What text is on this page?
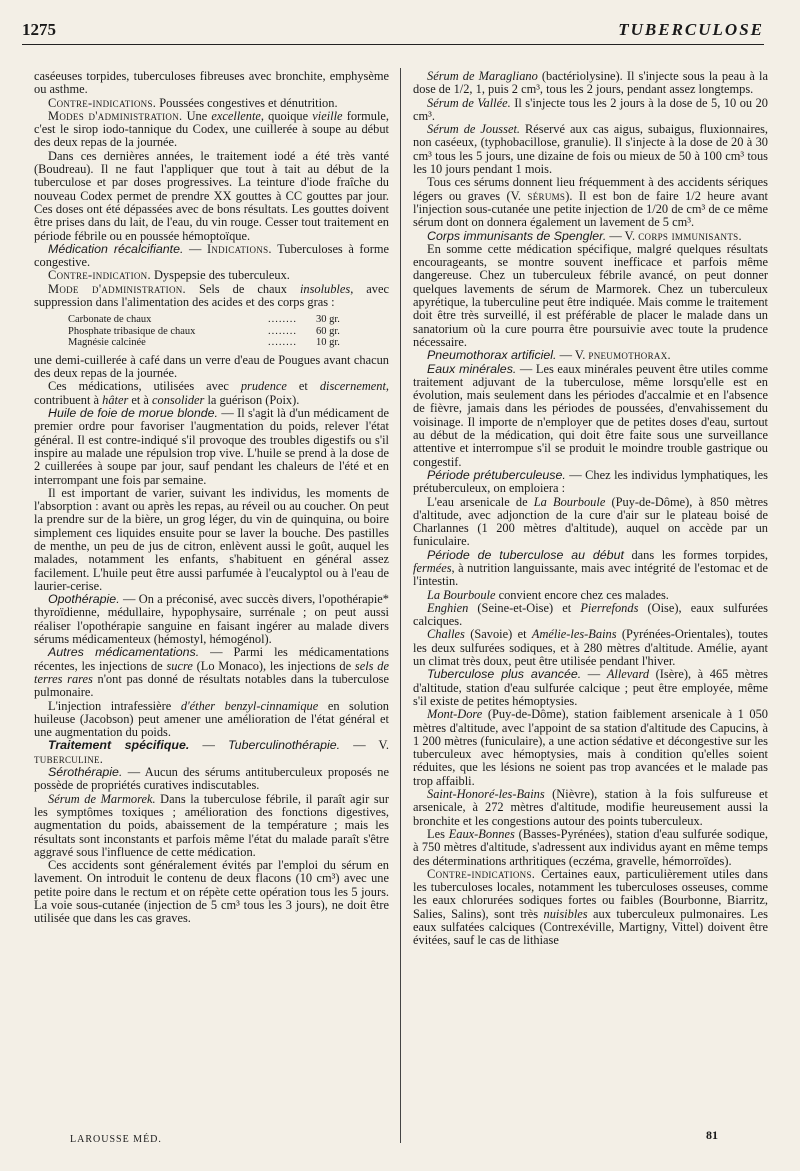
1275	TUBERCULOSE

caséeuses torpides, tuberculoses fibreuses avec bronchite, emphysème ou asthme.

Contre-indications. Poussées congestives et dénutrition.

Modes d'administration. Une excellente, quoique vieille formule, c'est le sirop iodo-tannique du Codex, une cuillerée à soupe au début des deux repas de la journée.

Dans ces dernières années, le traitement iodé a été très vanté (Boudreau). Il ne faut l'appliquer que tout à tait au début de la tuberculose et par doses progressives. La teinture d'iode fraîche du nouveau Codex permet de prendre XX gouttes à CC gouttes par jour. Ces doses ont été dépassées avec de bons résultats. Les gouttes doivent être prises dans du lait, de l'eau, du vin rouge. Cesser tout traitement en période fébrile ou en poussée hémoptoïque.

Médication récalcifiante. — Indications. Tuberculoses à forme congestive.

Contre-indication. Dyspepsie des tuberculeux.

Mode d'administration. Sels de chaux insolubles, avec suppression dans l'alimentation des acides et des corps gras :

Carbonate de chaux	........	30 gr.
Phosphate tribasique de chaux	........	60 gr.
Magnésie calcinée	........	10 gr.

une demi-cuillerée à café dans un verre d'eau de Pougues avant chacun des deux repas de la journée.

Ces médications, utilisées avec prudence et discernement, contribuent à hâter et à consolider la guérison (Poix).

Huile de foie de morue blonde. — Il s'agit là d'un médicament de premier ordre pour favoriser l'augmentation du poids, relever l'état général. Il est contre-indiqué s'il provoque des troubles digestifs ou s'il inspire au malade une répulsion trop vive. L'huile se prend à la dose de 2 cuillerées à soupe par jour, sauf pendant les chaleurs de l'été et en interrompant une fois par semaine.

Il est important de varier, suivant les individus, les moments de l'absorption : avant ou après les repas, au réveil ou au coucher. On peut la prendre sur de la bière, un grog léger, du vin de quinquina, ou boire simplement ces liquides ensuite pour se laver la bouche. Des pastilles de menthe, un peu de jus de citron, enlèvent aussi le goût, auquel les malades, notamment les enfants, s'habituent en général assez facilement. L'huile peut être aussi parfumée à l'eucalyptol ou à l'eau de laurier-cerise.

Opothérapie. — On a préconisé, avec succès divers, l'opothérapie* thyroïdienne, médullaire, hypophysaire, surrénale ; on peut aussi réaliser l'opothérapie sanguine en faisant ingérer au malade divers sérums médicamenteux (hémostyl, hémogénol).

Autres médicamentations. — Parmi les médicamentations récentes, les injections de sucre (Lo Monaco), les injections de sels de terres rares n'ont pas donné de résultats notables dans la tuberculose pulmonaire.

L'injection intrafessière d'éther benzyl-cinnamique en solution huileuse (Jacobson) peut amener une amélioration de l'état général et une augmentation du poids.

Traitement spécifique. — Tuberculinothérapie. — V. tuberculine.

Sérothérapie. — Aucun des sérums antituberculeux proposés ne possède de propriétés curatives indiscutables.

Sérum de Marmorek. Dans la tuberculose fébrile, il paraît agir sur les symptômes toxiques ; amélioration des fonctions digestives, augmentation du poids, abaissement de la température ; mais les résultats sont inconstants et parfois même l'état du malade paraît s'être aggravé sous l'influence de cette médication.

Ces accidents sont généralement évités par l'emploi du sérum en lavement. On introduit le contenu de deux flacons (10 cm³) avec une petite poire dans le rectum et on répète cette opération tous les 5 jours. La voie sous-cutanée (injection de 5 cm³ tous les 3 jours), ne doit être utilisée que dans les cas graves.

Sérum de Maragliano (bactériolysine). Il s'injecte sous la peau à la dose de 1/2, 1, puis 2 cm³, tous les 2 jours, pendant assez longtemps.

Sérum de Vallée. Il s'injecte tous les 2 jours à la dose de 5, 10 ou 20 cm³.

Sérum de Jousset. Réservé aux cas aigus, subaigus, fluxionnaires, non caséeux, (typhobacillose, granulie). Il s'injecte à la dose de 20 à 30 cm³ tous les 5 jours, une dizaine de fois ou mieux de 50 à 100 cm³ tous les 10 jours pendant 1 mois.

Tous ces sérums donnent lieu fréquemment à des accidents sériques légers ou graves (V. sérums). Il est bon de faire 1/2 heure avant l'injection sous-cutanée une petite injection de 1/20 de cm³ de ce même sérum dont on donnera également un lavement de 5 cm³.

Corps immunisants de Spengler. — V. corps immunisants.

En somme cette médication spécifique, malgré quelques résultats encourageants, se montre souvent inefficace et parfois même dangereuse. Chez un tuberculeux fébrile avancé, on peut donner quelques lavements de sérum de Marmorek. Chez un tuberculeux apyrétique, la tuberculine peut être indiquée. Mais comme le traitement doit être très surveillé, il est préférable de placer le malade dans un sanatorium où la cure pourra être poursuivie avec toute la prudence nécessaire.

Pneumothorax artificiel. — V. pneumothorax.

Eaux minérales. — Les eaux minérales peuvent être utiles comme traitement adjuvant de la tuberculose, même lorsqu'elle est en évolution, mais seulement dans les périodes d'accalmie et en l'absence de fièvre, jamais dans les périodes de poussées, d'envahissement du voisinage. Il importe de n'employer que de petites doses d'eau, surtout au début de la médication, qui doit être faite sous une surveillance attentive et interrompue s'il se produit le moindre trouble gastrique ou congestif.

Période prétuberculeuse. — Chez les individus lymphatiques, les prétuberculeux, on emploiera :

L'eau arsenicale de La Bourboule (Puy-de-Dôme), à 850 mètres d'altitude, avec adjonction de la cure d'air sur le plateau boisé de Charlannes (1 200 mètres d'altitude), auquel on accède par un funiculaire.

Période de tuberculose au début dans les formes torpides, fermées, à nutrition languissante, mais avec intégrité de l'estomac et de l'intestin.

La Bourboule convient encore chez ces malades.

Enghien (Seine-et-Oise) et Pierrefonds (Oise), eaux sulfurées calciques.

Challes (Savoie) et Amélie-les-Bains (Pyrénées-Orientales), toutes les deux sulfurées sodiques, et à 280 mètres d'altitude. Amélie, ayant un climat très doux, peut être utilisée pendant l'hiver.

Tuberculose plus avancée. — Allevard (Isère), à 465 mètres d'altitude, station d'eau sulfurée calcique ; peut être employée, même s'il existe de petites hémoptysies.

Mont-Dore (Puy-de-Dôme), station faiblement arsenicale à 1 050 mètres d'altitude, avec l'appoint de sa station d'altitude des Capucins, à 1 200 mètres (funiculaire), a une action sédative et décongestive sur les tuberculeux avec hémoptysies, mais à condition qu'elles soient réduites, que les lésions ne soient pas trop avancées et le malade pas trop affaibli.

Saint-Honoré-les-Bains (Nièvre), station à la fois sulfureuse et arsenicale, à 272 mètres d'altitude, modifie heureusement aussi la bronchite et les congestions autour des points tuberculeux.

Les Eaux-Bonnes (Basses-Pyrénées), station d'eau sulfurée sodique, à 750 mètres d'altitude, s'adressent aux individus ayant en même temps des déterminations arthritiques (eczéma, gravelle, hémorroïdes).

Contre-indications. Certaines eaux, particulièrement utiles dans les tuberculoses locales, notamment les tuberculoses osseuses, comme les eaux chlorurées sodiques fortes ou faibles (Bourbonne, Biarritz, Salies, Salins), sont très nuisibles aux tuberculeux pulmonaires. Les eaux sulfatées calciques (Contrexéville, Martigny, Vittel) doivent être évitées, sauf le cas de lithiase

LAROUSSE MÉD.	81
